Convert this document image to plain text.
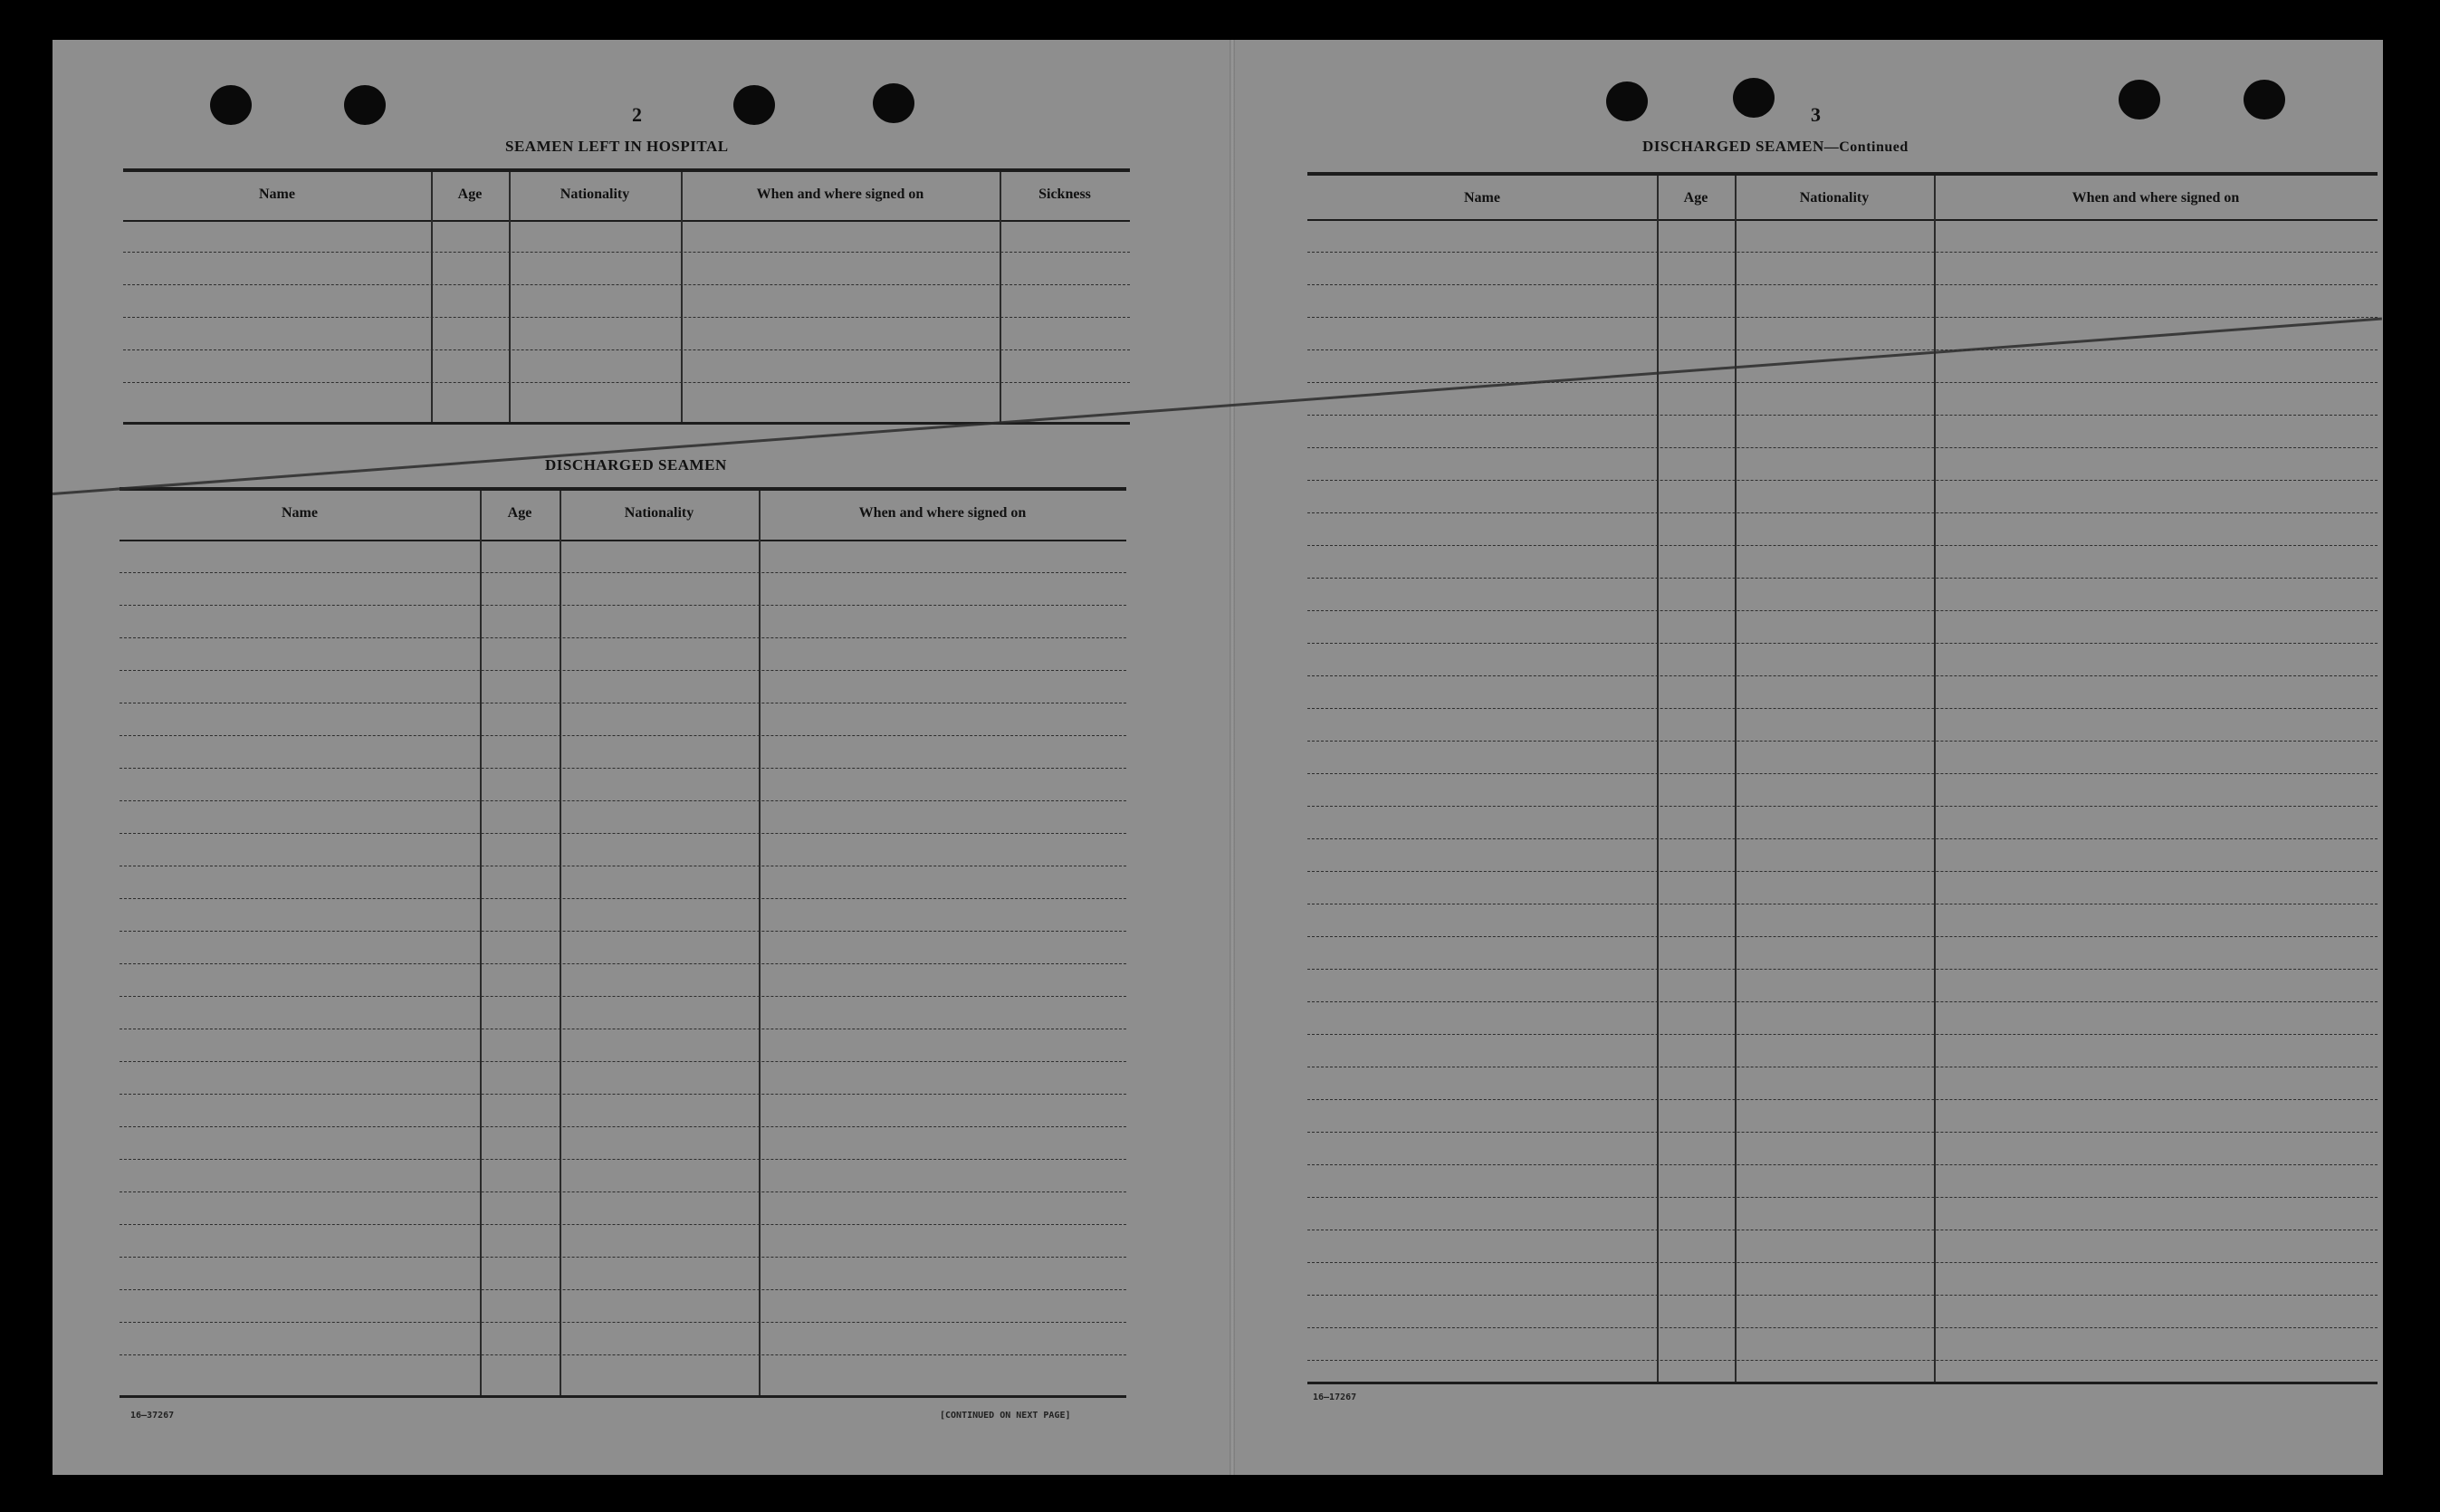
2
SEAMEN LEFT IN HOSPITAL
Name	Age	Nationality	When and where signed on	Sickness
DISCHARGED SEAMEN
Name	Age	Nationality	When and where signed on
16—37267	[CONTINUED ON NEXT PAGE]
3
DISCHARGED SEAMEN—Continued
Name	Age	Nationality	When and where signed on
16—17267
